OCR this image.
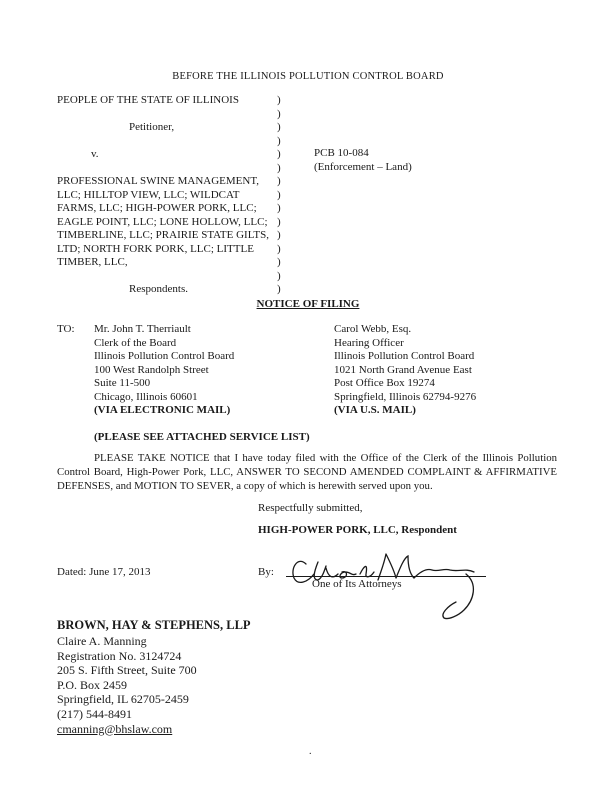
BEFORE THE ILLINOIS POLLUTION CONTROL BOARD
PEOPLE OF THE STATE OF ILLINOIS

Petitioner,

v.

PROFESSIONAL SWINE MANAGEMENT,
LLC; HILLTOP VIEW, LLC; WILDCAT
FARMS, LLC; HIGH-POWER PORK, LLC;
EAGLE POINT, LLC; LONE HOLLOW, LLC;
TIMBERLINE, LLC; PRAIRIE STATE GILTS,
LTD; NORTH FORK PORK, LLC; LITTLE
TIMBER, LLC,

Respondents.
)
)
)
)
)
)
)
)
)
)
)
)
)
)
)
PCB 10-084
(Enforcement – Land)
NOTICE OF FILING
TO: Mr. John T. Therriault
Clerk of the Board
Illinois Pollution Control Board
100 West Randolph Street
Suite 11-500
Chicago, Illinois 60601
(VIA ELECTRONIC MAIL)
Carol Webb, Esq.
Hearing Officer
Illinois Pollution Control Board
1021 North Grand Avenue East
Post Office Box 19274
Springfield, Illinois 62794-9276
(VIA U.S. MAIL)
(PLEASE SEE ATTACHED SERVICE LIST)
PLEASE TAKE NOTICE that I have today filed with the Office of the Clerk of the Illinois Pollution Control Board, High-Power Pork, LLC, ANSWER TO SECOND AMENDED COMPLAINT & AFFIRMATIVE DEFENSES, and MOTION TO SEVER, a copy of which is herewith served upon you.
Respectfully submitted,
HIGH-POWER PORK, LLC, Respondent
Dated: June 17, 2013	By:
One of Its Attorneys
BROWN, HAY & STEPHENS, LLP
Claire A. Manning
Registration No. 3124724
205 S. Fifth Street, Suite 700
P.O. Box 2459
Springfield, IL 62705-2459
(217) 544-8491
cmanning@bhslaw.com
.
